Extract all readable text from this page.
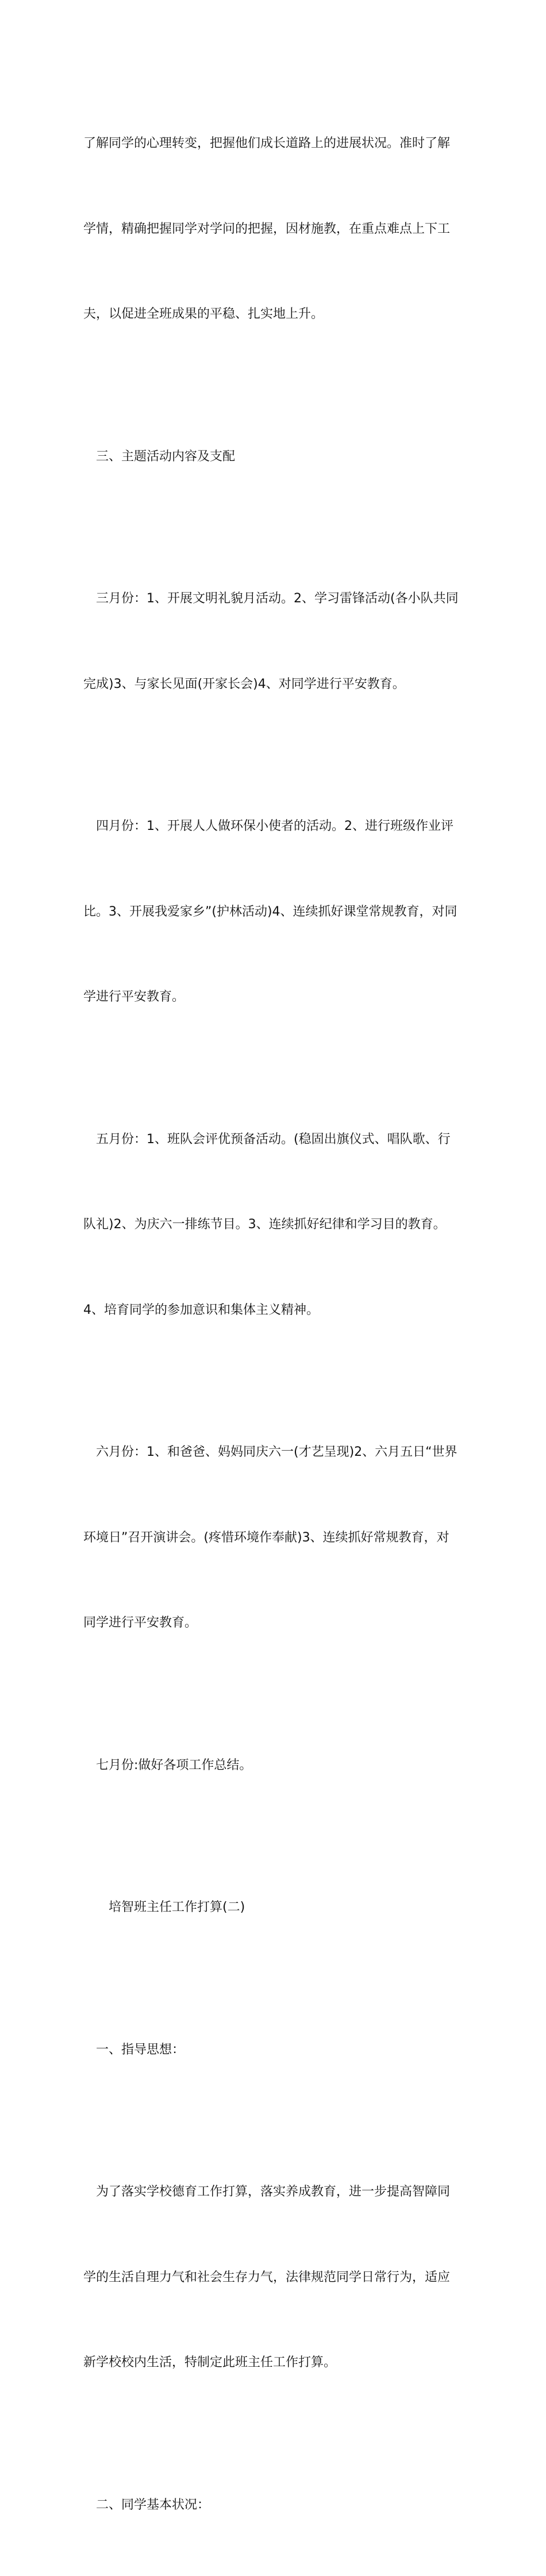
了解同学的心理转变，把握他们成长道路上的进展状况。准时了解

学情，精确把握同学对学问的把握，因材施教，在重点难点上下工

夫，以促进全班成果的平稳、扎实地上升。

三、主题活动内容及支配

三月份：1、开展文明礼貌月活动。2、学习雷锋活动(各小队共同

完成)3、与家长见面(开家长会)4、对同学进行平安教育。

四月份：1、开展人人做环保小使者的活动。2、进行班级作业评

比。3、开展我爱家乡”(护林活动)4、连续抓好课堂常规教育，对同

学进行平安教育。

五月份：1、班队会评优预备活动。(稳固出旗仪式、唱队歌、行

队礼)2、为庆六一排练节目。3、连续抓好纪律和学习目的教育。

4、培育同学的参加意识和集体主义精神。

六月份：1、和爸爸、妈妈同庆六一(才艺呈现)2、六月五日“世界

环境日”召开演讲会。(疼惜环境作奉献)3、连续抓好常规教育，对

同学进行平安教育。

七月份:做好各项工作总结。

培智班主任工作打算(二)

一、指导思想：

为了落实学校德育工作打算，落实养成教育，进一步提高智障同

学的生活自理力气和社会生存力气，法律规范同学日常行为，适应

新学校校内生活，特制定此班主任工作打算。

二、同学基本状况：
